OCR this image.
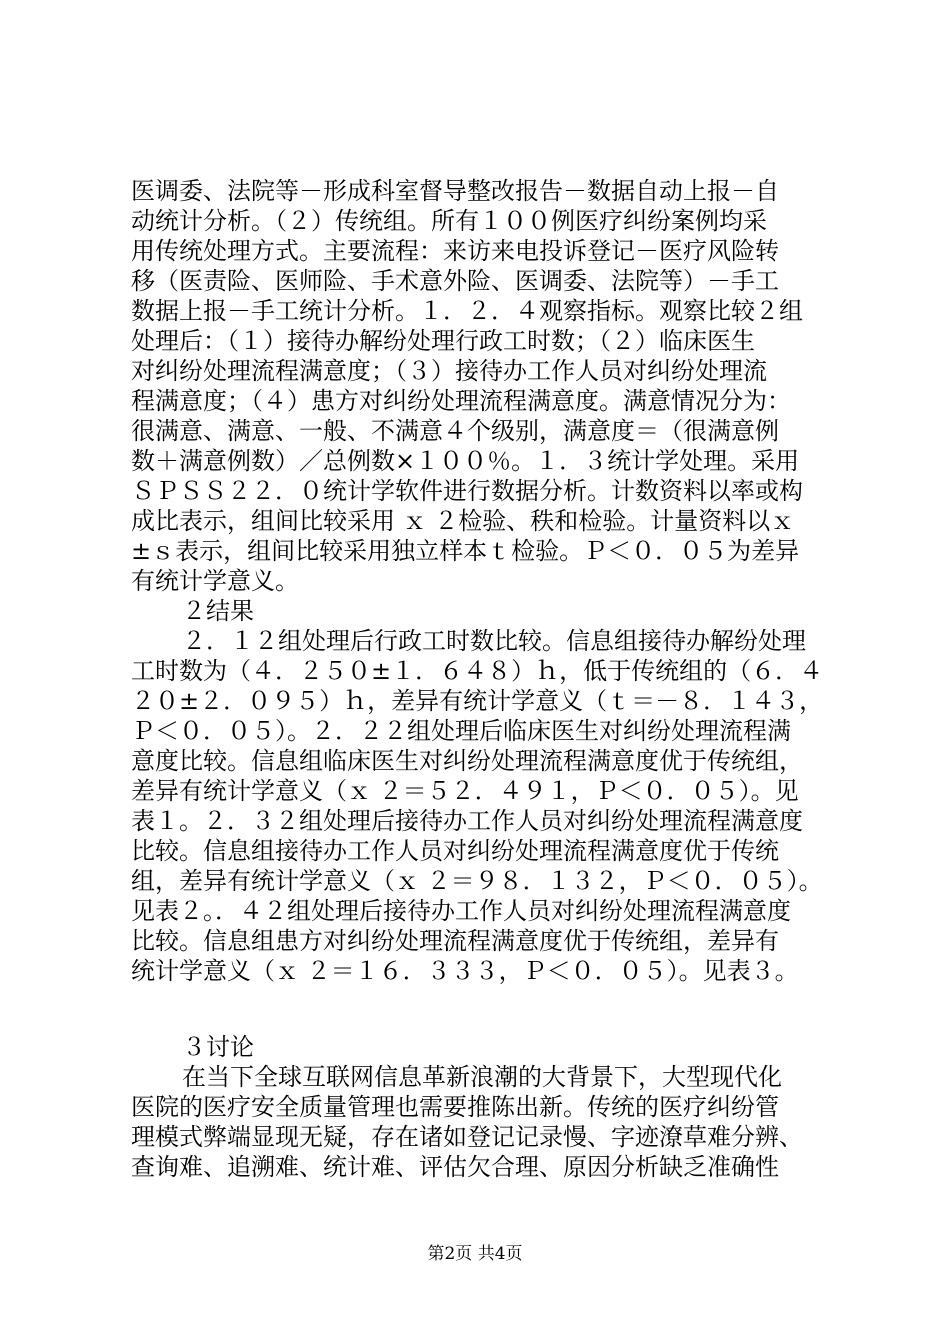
医调委、法院等－形成科室督导整改报告－数据自动上报－自
动统计分析。（２）传统组。所有１００例医疗纠纷案例均采
用传统处理方式。主要流程：来访来电投诉登记－医疗风险转
移（医责险、医师险、手术意外险、医调委、法院等）－手工
数据上报－手工统计分析。１．２．４观察指标。观察比较２组
处理后：（１）接待办解纷处理行政工时数；（２）临床医生
对纠纷处理流程满意度；（３）接待办工作人员对纠纷处理流
程满意度；（４）患方对纠纷处理流程满意度。满意情况分为：
很满意、满意、一般、不满意４个级别，满意度＝（很满意例
数＋满意例数）／总例数×１００％。１．３统计学处理。采用
ＳＰＳＳ２２．０统计学软件进行数据分析。计数资料以率或构
成比表示，组间比较采用 ｘ ２检验、秩和检验。计量资料以ｘ
±ｓ表示，组间比较采用独立样本ｔ检验。Ｐ＜０．０５为差异
有统计学意义。
２结果
２．１２组处理后行政工时数比较。信息组接待办解纷处理
工时数为（４．２５０±１．６４８）ｈ，低于传统组的（６．４
２０±２．０９５）ｈ，差异有统计学意义（ｔ＝－８．１４３，
Ｐ＜０．０５）。２．２２组处理后临床医生对纠纷处理流程满
意度比较。信息组临床医生对纠纷处理流程满意度优于传统组，
差异有统计学意义（ｘ ２＝５２．４９１，Ｐ＜０．０５）。见
表１。２．３２组处理后接待办工作人员对纠纷处理流程满意度
比较。信息组接待办工作人员对纠纷处理流程满意度优于传统
组，差异有统计学意义（ｘ ２＝９８．１３２，Ｐ＜０．０５）。
见表２。．４２组处理后接待办工作人员对纠纷处理流程满意度
比较。信息组患方对纠纷处理流程满意度优于传统组，差异有
统计学意义（ｘ ２＝１６．３３３，Ｐ＜０．０５）。见表３。
３讨论
在当下全球互联网信息革新浪潮的大背景下，大型现代化
医院的医疗安全质量管理也需要推陈出新。传统的医疗纠纷管
理模式弊端显现无疑，存在诸如登记记录慢、字迹潦草难分辨、
查询难、追溯难、统计难、评估欠合理、原因分析缺乏准确性
第2页 共4页
